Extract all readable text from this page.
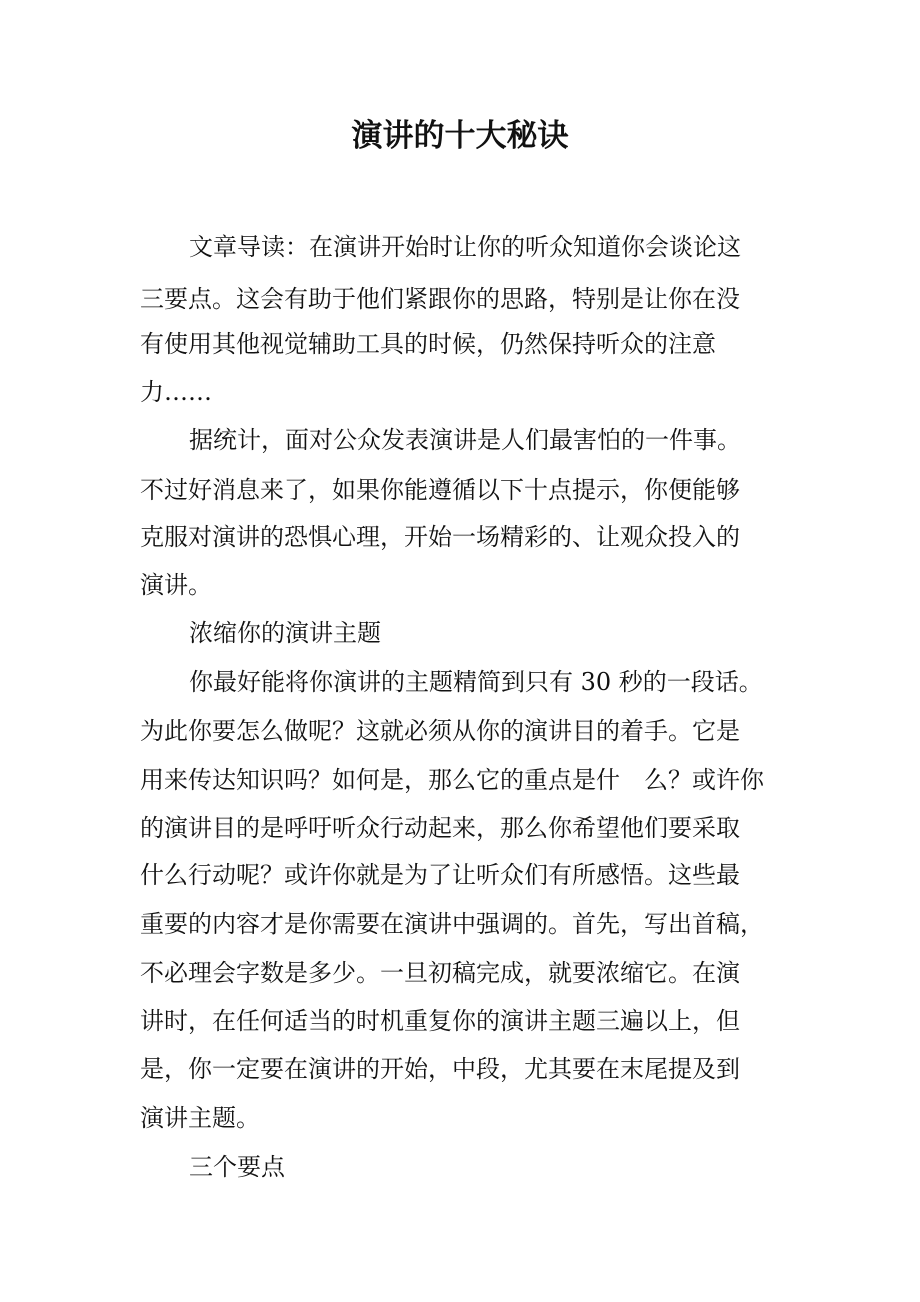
演讲的十大秘诀

文章导读：在演讲开始时让你的听众知道你会谈论这

三要点。这会有助于他们紧跟你的思路，特别是让你在没

有使用其他视觉辅助工具的时候，仍然保持听众的注意

力……

据统计，面对公众发表演讲是人们最害怕的一件事。

不过好消息来了，如果你能遵循以下十点提示，你便能够

克服对演讲的恐惧心理，开始一场精彩的、让观众投入的

演讲。

浓缩你的演讲主题

你最好能将你演讲的主题精简到只有 30 秒的一段话。

为此你要怎么做呢？这就必须从你的演讲目的着手。它是

用来传达知识吗？如何是，那么它的重点是什　么？或许你

的演讲目的是呼吁听众行动起来，那么你希望他们要采取

什么行动呢？或许你就是为了让听众们有所感悟。这些最

重要的内容才是你需要在演讲中强调的。首先，写出首稿，

不必理会字数是多少。一旦初稿完成，就要浓缩它。在演

讲时，在任何适当的时机重复你的演讲主题三遍以上，但

是，你一定要在演讲的开始，中段，尤其要在末尾提及到

演讲主题。

三个要点
